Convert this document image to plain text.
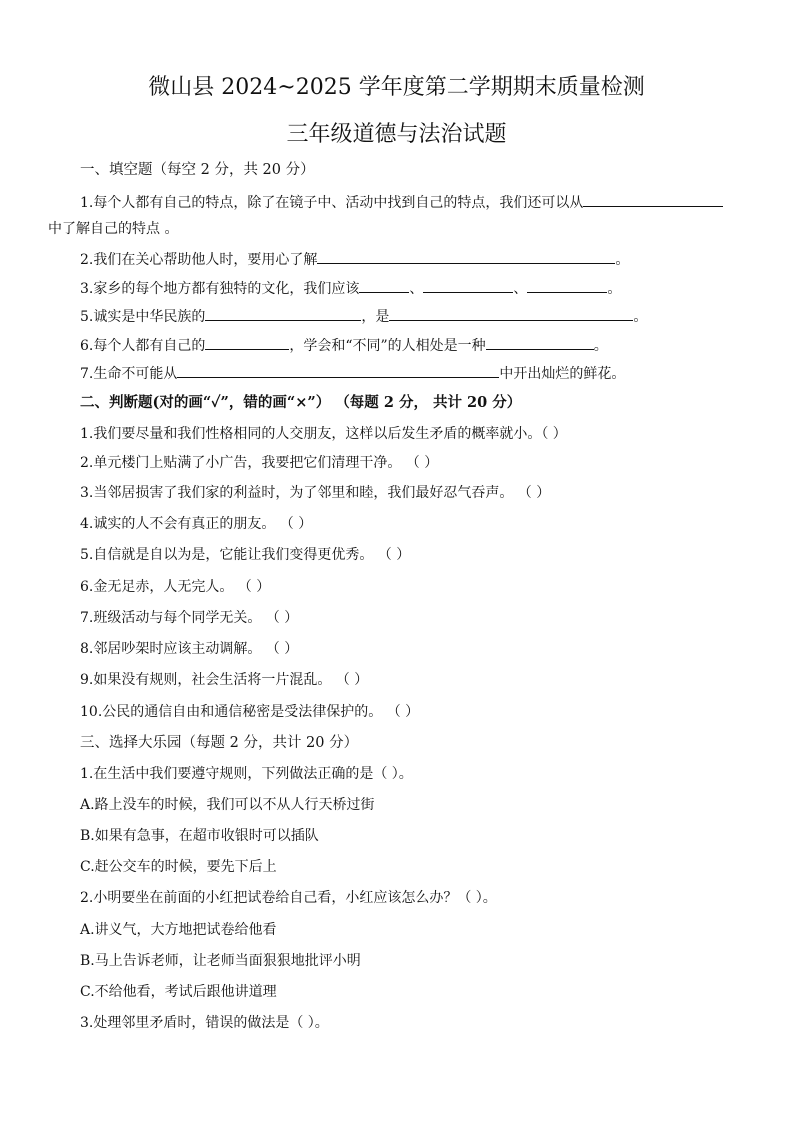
微山县 2024~2025 学年度第二学期期末质量检测
三年级道德与法治试题
一、填空题（每空 2 分，共 20 分）
1.每个人都有自己的特点，除了在镜子中、活动中找到自己的特点，我们还可以从
中了解自己的特点 。
2.我们在关心帮助他人时，要用心了解	。
3.家乡的每个地方都有独特的文化，我们应该	、	、	。
5.诚实是中华民族的	，是	。
6.每个人都有自己的	，学会和“不同”的人相处是一种	。
7.生命不可能从	中开出灿烂的鲜花。
二、判断题(对的画“✓”，错的画“×”） （每题 2 分， 共计 20 分）
1.我们要尽量和我们性格相同的人交朋友，这样以后发生矛盾的概率就小。（ ）
2.单元楼门上贴满了小广告，我要把它们清理干净。 （ ）
3.当邻居损害了我们家的利益时，为了邻里和睦，我们最好忍气吞声。 （ ）
4.诚实的人不会有真正的朋友。 （ ）
5.自信就是自以为是，它能让我们变得更优秀。 （ ）
6.金无足赤，人无完人。 （ ）
7.班级活动与每个同学无关。 （ ）
8.邻居吵架时应该主动调解。 （ ）
9.如果没有规则，社会生活将一片混乱。 （ ）
10.公民的通信自由和通信秘密是受法律保护的。 （ ）
三、选择大乐园（每题 2 分，共计 20 分）
1.在生活中我们要遵守规则，下列做法正确的是（ ）。
A.路上没车的时候，我们可以不从人行天桥过街
B.如果有急事，在超市收银时可以插队
C.赶公交车的时候，要先下后上
2.小明要坐在前面的小红把试卷给自己看，小红应该怎么办？（ ）。
A.讲义气，大方地把试卷给他看
B.马上告诉老师，让老师当面狠狠地批评小明
C.不给他看，考试后跟他讲道理
3.处理邻里矛盾时，错误的做法是（ ）。
